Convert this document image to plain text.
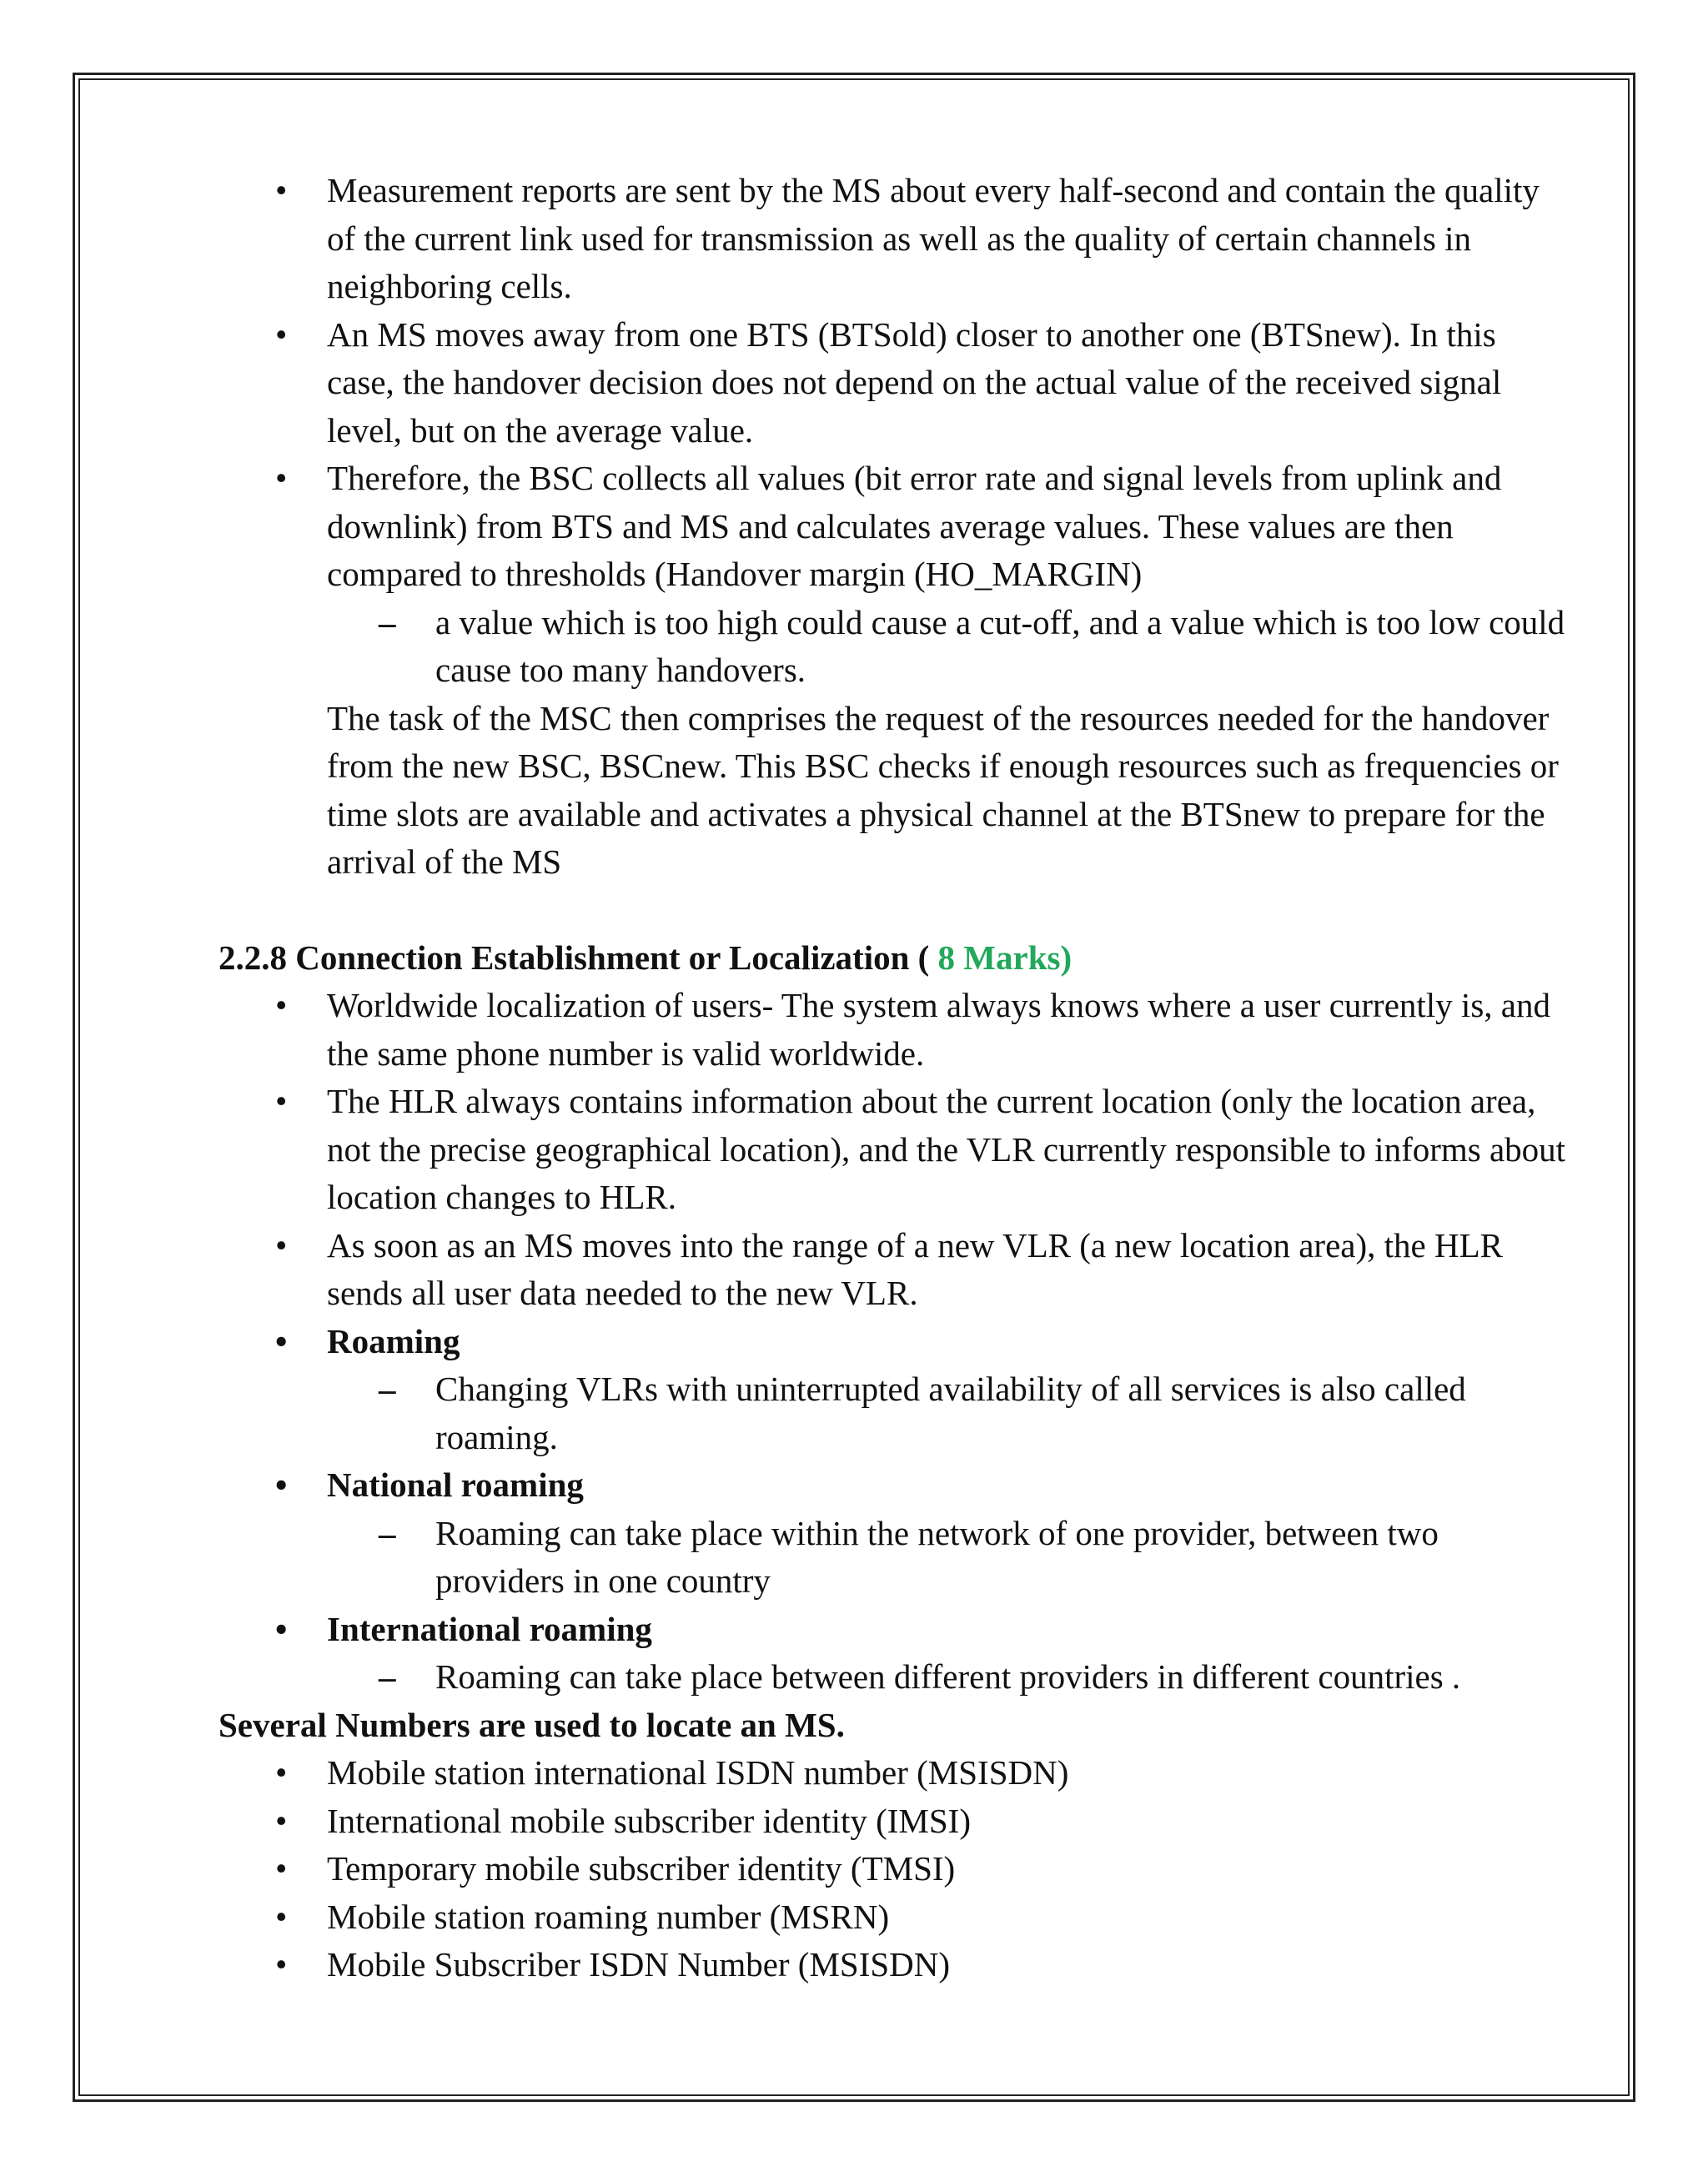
• Measurement reports are sent by the MS about every half-second and contain the quality of the current link used for transmission as well as the quality of certain channels in neighboring cells.
• An MS moves away from one BTS (BTSold) closer to another one (BTSnew). In this case, the handover decision does not depend on the actual value of the received signal level, but on the average value.
• Therefore, the BSC collects all values (bit error rate and signal levels from uplink and downlink) from BTS and MS and calculates average values. These values are then compared to thresholds (Handover margin (HO_MARGIN)
– a value which is too high could cause a cut-off, and a value which is too low could cause too many handovers.
The task of the MSC then comprises the request of the resources needed for the handover from the new BSC, BSCnew. This BSC checks if enough resources such as frequencies or time slots are available and activates a physical channel at the BTSnew to prepare for the arrival of the MS
2.2.8 Connection Establishment or Localization ( 8 Marks)
• Worldwide localization of users- The system always knows where a user currently is, and the same phone number is valid worldwide.
• The HLR always contains information about the current location (only the location area, not the precise geographical location), and the VLR currently responsible to informs about location changes to HLR.
• As soon as an MS moves into the range of a new VLR (a new location area), the HLR sends all user data needed to the new VLR.
• Roaming
– Changing VLRs with uninterrupted availability of all services is also called roaming.
• National roaming
– Roaming can take place within the network of one provider, between two providers in one country
• International roaming
– Roaming can take place between different providers in different countries .
Several Numbers are used to locate an MS.
• Mobile station international ISDN number (MSISDN)
• International mobile subscriber identity (IMSI)
• Temporary mobile subscriber identity (TMSI)
• Mobile station roaming number (MSRN)
• Mobile Subscriber ISDN Number (MSISDN)
